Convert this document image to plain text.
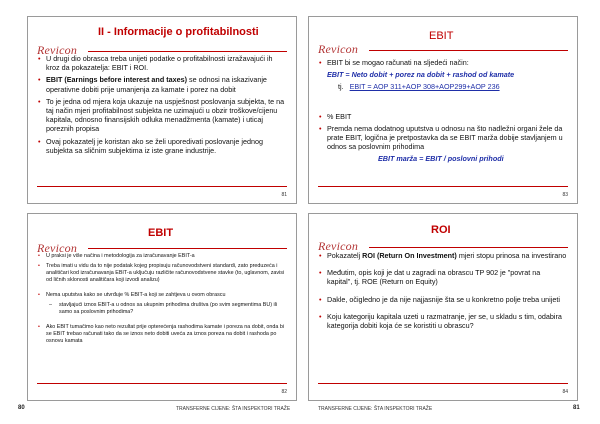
II - Informacije o profitabilnosti
Revicon
• U drugi dio obrasca treba unijeti podatke o profitabilnosti izražavajući ih kroz da pokazatelja: EBIT i ROI.
• EBIT (Earnings before interest and taxes) se odnosi na iskazivanje operativne dobiti prije umanjenja za kamate i porez na dobit
• To je jedna od mjera koja ukazuje na uspješnost poslovanja subjekta, te na taj način mjeri profitabilnost subjekta ne uzimajući u obzir troškove/cijenu kapitala, odnosno finansijskih odluka menadžmenta (kamate) i uticaj poreznih propisa
• Ovaj pokazatelj je koristan ako se želi uporedivati poslovanje jednog subjekta sa sličnim subjektima iz iste grane industrije.
81
EBIT
Revicon
• EBIT bi se mogao računati na sljedeći način:
EBIT = Neto dobit + porez na dobit + rashod od kamate
tj. EBIT = AOP 311+AOP 308+AOP299+AOP 236
• % EBIT
• Premda nema dodatnog uputstva u odnosu na što nadležni organi žele da prate EBIT, logična je pretpostavka da se EBIT marža dobije stavljanjem u odnos sa poslovnim prihodima
EBIT marža = EBIT / poslovni prihodi
83
EBIT
Revicon
• U praksi je više načina i metodologija za izračunavanje EBIT-a
• Treba imati u vidu da to nije podatak kojeg propisuju računovodstveni standardi, zato preduzeća i analitičari kod izračunavanja EBIT-a uključuju različite računovodstvene stavke (to, uglavnom, zavisi od ličnih sklonosti analitičara koji izvodi analizu)
• Nema uputstva kako se utvrđuje % EBIT-a koji se zahtjeva u ovom obrascu
– stavljajući iznos EBIT-a u odnos sa ukupnim prihodima društva (po svim segmentima BU) ili samo sa poslovnim prihodima?
• Ako EBIT tumačimo kao neto rezultat prije opterećenja rashodima kamate i poreza na dobit, onda bi se EBIT trebao računati tako da se iznos neto dobiti uveća za iznos poreza na dobit i rashoda po osnovu kamata
82
ROI
Revicon
• Pokazatelj ROI (Return On Investment) mjeri stopu prinosa na investirano
• Međutim, opis koji je dat u zagradi na obrascu TP 902 je "povrat na kapital", tj. ROE (Return on Equity)
• Dakle, očigledno je da nije najjasnije šta se u konkretno polje treba unijeti
• Koju kategoriju kapitala uzeti u razmatranje, jer se, u skladu s tim, odabira kategorija dobiti koja će se koristiti u obrascu?
84
80	TRANSFERNE CIJENE: ŠTA INSPEKTORI TRAŽE	TRANSFERNE CIJENE: ŠTA INSPEKTORI TRAŽE	81
